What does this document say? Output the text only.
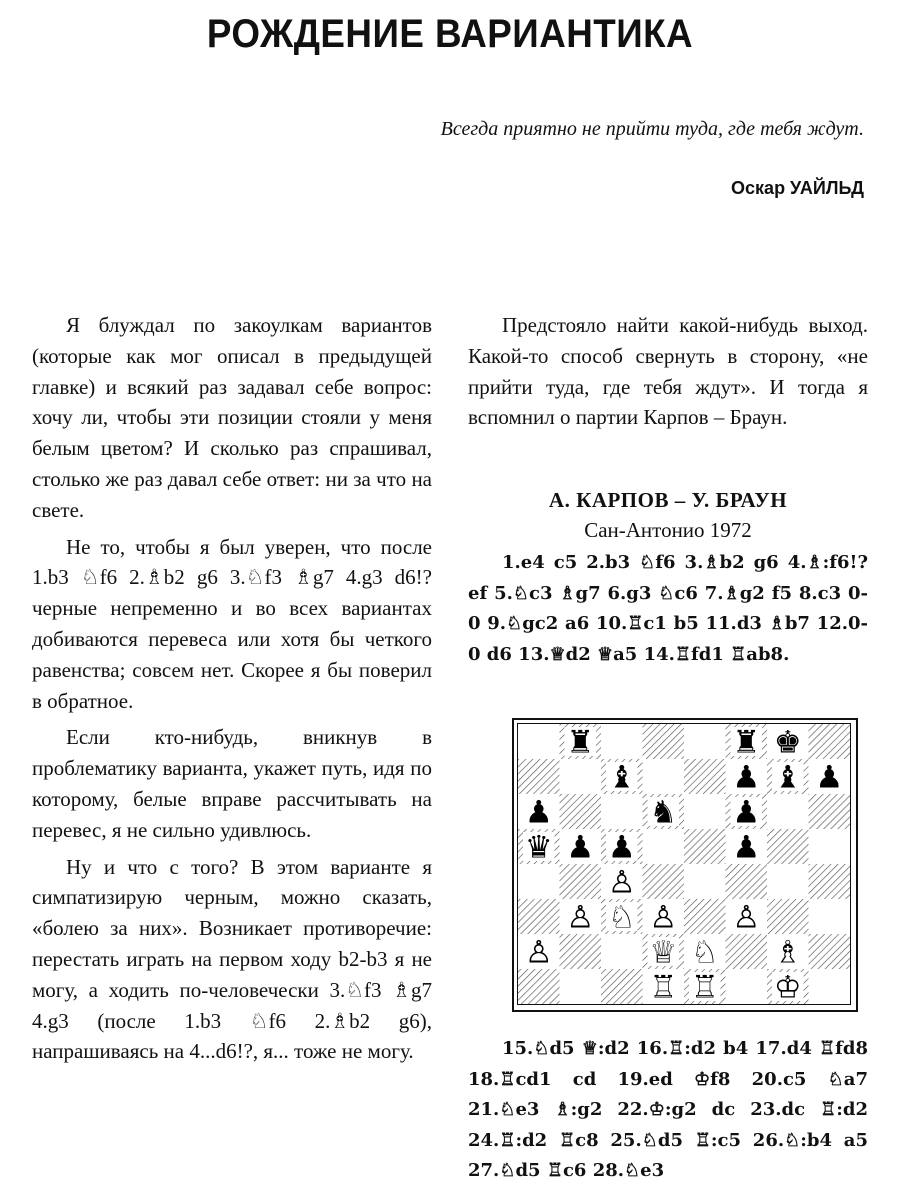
РОЖДЕНИЕ ВАРИАНТИКА
Всегда приятно не прийти туда, где тебя ждут.
Оскар УАЙЛЬД

Я блуждал по закоулкам вариантов (которые как мог описал в предыдущей главке) и всякий раз задавал себе вопрос: хочу ли, чтобы эти позиции стояли у меня белым цветом? И сколько раз спрашивал, столько же раз давал себе ответ: ни за что на свете.

Не то, чтобы я был уверен, что после 1.b3 ♘f6 2.♗b2 g6 3.♘f3 ♗g7 4.g3 d6!? черные непременно и во всех вариантах добиваются перевеса или хотя бы четкого равенства; совсем нет. Скорее я бы поверил в обратное.

Если кто-нибудь, вникнув в проблематику варианта, укажет путь, идя по которому, белые вправе рассчитывать на перевес, я не сильно удивлюсь.

Ну и что с того? В этом варианте я симпатизирую черным, можно сказать, «болею за них». Возникает противоречие: перестать играть на первом ходу b2-b3 я не могу, а ходить по-человечески 3.♘f3 ♗g7 4.g3 (после 1.b3 ♘f6 2.♗b2 g6), напрашиваясь на 4...d6!?, я... тоже не могу.

Предстояло найти какой-нибудь выход. Какой-то способ свернуть в сторону, «не прийти туда, где тебя ждут». И тогда я вспомнил о партии Карпов – Браун.

А. КАРПОВ – У. БРАУН
Сан-Антонио 1972
1.e4 c5 2.b3 ♘f6 3.♗b2 g6 4.♗:f6!? ef 5.♘c3 ♗g7 6.g3 ♘c6 7.♗g2 f5 8.c3 0-0 9.♘gc2 a6 10.♖c1 b5 11.d3 ♗b7 12.0-0 d6 13.♕d2 ♕a5 14.♖fd1 ♖ab8.
♜	♜ ♚
♝	♟ ♝ ♟
♟	♞ ♟
♛ ♟ ♟	♟
♙
♙ ♘ ♙ ♙
♙	♕ ♘ ♗
♖ ♖ ♔
15.♘d5 ♕:d2 16.♖:d2 b4 17.d4 ♖fd8 18.♖cd1 cd 19.ed ♔f8 20.c5 ♘a7 21.♘e3 ♗:g2 22.♔:g2 dc 23.dc ♖:d2 24.♖:d2 ♖c8 25.♘d5 ♖:c5 26.♘:b4 a5 27.♘d5 ♖c6 28.♘e3
